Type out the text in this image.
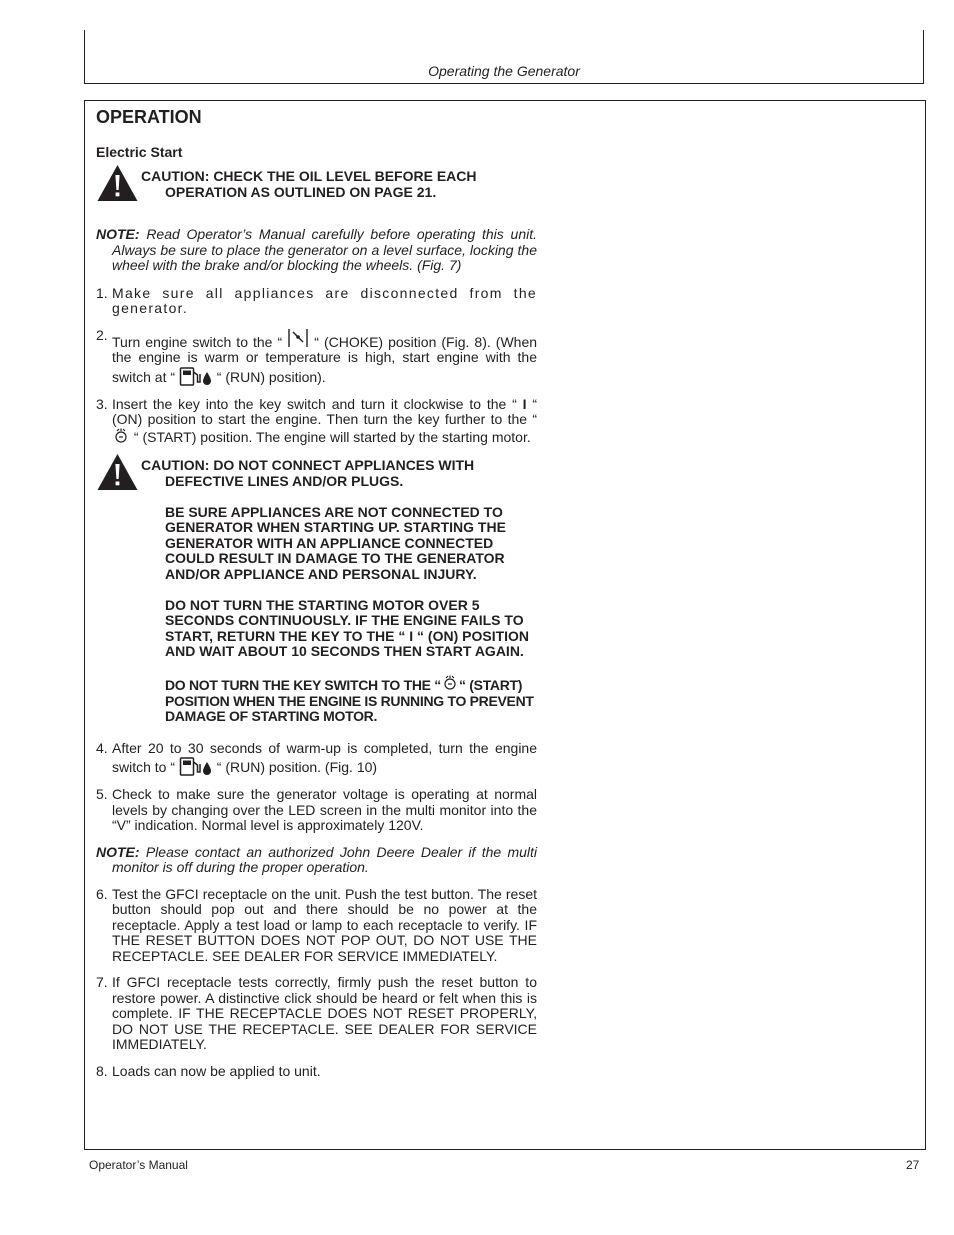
Operating the Generator
OPERATION
Electric Start

CAUTION: CHECK THE OIL LEVEL BEFORE EACH OPERATION AS OUTLINED ON PAGE 21.

NOTE: Read Operator’s Manual carefully before operating this unit. Always be sure to place the generator on a level surface, locking the wheel with the brake and/or blocking the wheels. (Fig. 7)

1. Make sure all appliances are disconnected from the generator.

2. Turn engine switch to the “ “ (CHOKE) position (Fig. 8). (When the engine is warm or temperature is high, start engine with the switch at “	“ (RUN) position).

3. Insert the key into the key switch and turn it clockwise to the “ I “ (ON) position to start the engine. Then turn the key further to the “  “ (START) position. The engine will started by the starting motor.

CAUTION: DO NOT CONNECT APPLIANCES WITH DEFECTIVE LINES AND/OR PLUGS.

BE SURE APPLIANCES ARE NOT CONNECTED TO GENERATOR WHEN STARTING UP. STARTING THE GENERATOR WITH AN APPLIANCE CONNECTED COULD RESULT IN DAMAGE TO THE GENERATOR AND/OR APPLIANCE AND PERSONAL INJURY.

DO NOT TURN THE STARTING MOTOR OVER 5 SECONDS CONTINUOUSLY. IF THE ENGINE FAILS TO START, RETURN THE KEY TO THE “ I “ (ON) POSITION AND WAIT ABOUT 10 SECONDS THEN START AGAIN.

DO NOT TURN THE KEY SWITCH TO THE “ “ (START) POSITION WHEN THE ENGINE IS RUNNING TO PREVENT DAMAGE OF STARTING MOTOR.

4. After 20 to 30 seconds of warm-up is completed, turn the engine switch to “	“ (RUN) position. (Fig. 10)

5. Check to make sure the generator voltage is operating at normal levels by changing over the LED screen in the multi monitor into the “V” indication. Normal level is approximately 120V.

NOTE: Please contact an authorized John Deere Dealer if the multi monitor is off during the proper operation.

6. Test the GFCI receptacle on the unit. Push the test button. The reset button should pop out and there should be no power at the receptacle. Apply a test load or lamp to each receptacle to verify. IF THE RESET BUTTON DOES NOT POP OUT, DO NOT USE THE RECEPTACLE. SEE DEALER FOR SERVICE IMMEDIATELY.

7. If GFCI receptacle tests correctly, firmly push the reset button to restore power. A distinctive click should be heard or felt when this is complete. IF THE RECEPTACLE DOES NOT RESET PROPERLY, DO NOT USE THE RECEPTACLE. SEE DEALER FOR SERVICE IMMEDIATELY.

8. Loads can now be applied to unit.

Operator’s Manual	27
